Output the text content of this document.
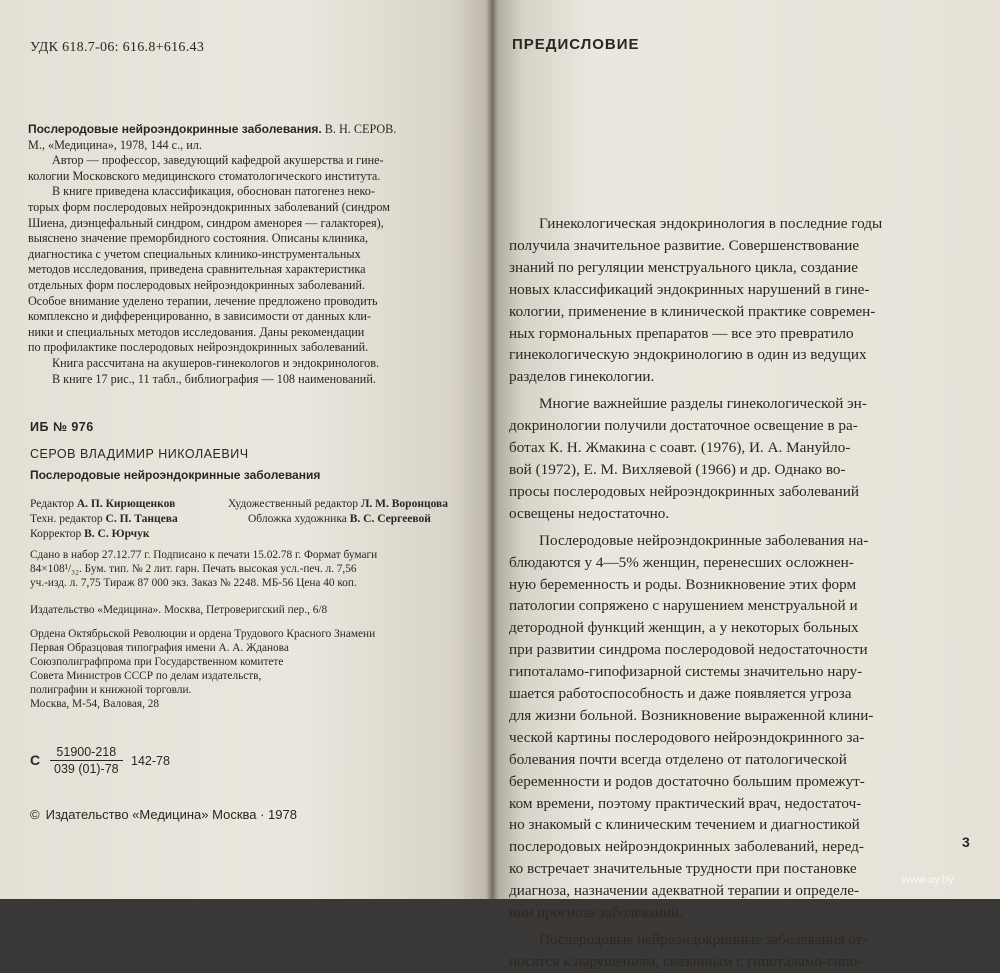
УДК 618.7-06: 616.8+616.43
Послеродовые нейроэндокринные заболевания. В. Н. СЕРОВ.
М., «Медицина», 1978, 144 с., ил.
Автор — профессор, заведующий кафедрой акушерства и гине-
кологии Московского медицинского стоматологического института.
В книге приведена классификация, обоснован патогенез неко-
торых форм послеродовых нейроэндокринных заболеваний (синдром
Шиена, диэнцефальный синдром, синдром аменорея — галакторея),
выяснено значение преморбидного состояния. Описаны клиника,
диагностика с учетом специальных клинико-инструментальных
методов исследования, приведена сравнительная характеристика
отдельных форм послеродовых нейроэндокринных заболеваний.
Особое внимание уделено терапии, лечение предложено проводить
комплексно и дифференцированно, в зависимости от данных кли-
ники и специальных методов исследования. Даны рекомендации
по профилактике послеродовых нейроэндокринных заболеваний.
Книга рассчитана на акушеров-гинекологов и эндокринологов.
В книге 17 рис., 11 табл., библиография — 108 наименований.
ИБ № 976
СЕРОВ ВЛАДИМИР НИКОЛАЕВИЧ
Послеродовые нейроэндокринные заболевания
Редактор А. П. Кирющенков
Техн. редактор С. П. Танцева
Корректор В. С. Юрчук
Художественный редактор Л. М. Воронцова
Обложка художника В. С. Сергеевой
Сдано в набор 27.12.77 г. Подписано к печати 15.02.78 г. Формат бумаги
84×108¹/₃₂. Бум. тип. № 2 лит. гарн. Печать высокая усл.-печ. л. 7,56
уч.-изд. л. 7,75 Тираж 87 000 экз. Заказ № 2248. МБ-56 Цена 40 коп.
Издательство «Медицина». Москва, Петроверигский пер., 6/8
Ордена Октябрьской Революции и ордена Трудового Красного Знамени
Первая Образцовая типография имени А. А. Жданова
Союзполиграфпрома при Государственном комитете
Совета Министров СССР по делам издательств,
полиграфии и книжной торговли.
Москва, М-54, Валовая, 28
С $\frac{51900-218}{039 (01)-78} 142-78$
© Издательство «Медицина» Москва · 1978
ПРЕДИСЛОВИЕ
Гинекологическая эндокринология в последние годы
получила значительное развитие. Совершенствование
знаний по регуляции менструального цикла, создание
новых классификаций эндокринных нарушений в гине-
кологии, применение в клинической практике современ-
ных гормональных препаратов — все это превратило
гинекологическую эндокринологию в один из ведущих
разделов гинекологии.
Многие важнейшие разделы гинекологической эн-
докринологии получили достаточное освещение в ра-
ботах К. Н. Жмакина с соавт. (1976), И. А. Мануйло-
вой (1972), Е. М. Вихляевой (1966) и др. Однако во-
просы послеродовых нейроэндокринных заболеваний
освещены недостаточно.
Послеродовые нейроэндокринные заболевания на-
блюдаются у 4—5% женщин, перенесших осложнен-
ную беременность и роды. Возникновение этих форм
патологии сопряжено с нарушением менструальной и
детородной функций женщин, а у некоторых больных
при развитии синдрома послеродовой недостаточности
гипоталамо-гипофизарной системы значительно нару-
шается работоспособность и даже появляется угроза
для жизни больной. Возникновение выраженной клини-
ческой картины послеродового нейроэндокринного за-
болевания почти всегда отделено от патологической
беременности и родов достаточно большим промежут-
ком времени, поэтому практический врач, недостаточ-
но знакомый с клиническим течением и диагностикой
послеродовых нейроэндокринных заболеваний, неред-
ко встречает значительные трудности при постановке
диагноза, назначении адекватной терапии и определе-
нии прогноза заболеваний.
Послеродовые нейроэндокринные заболевания от-
носятся к нарушениям, связанным с гипоталамо-гипо-
3
www.ay.by
